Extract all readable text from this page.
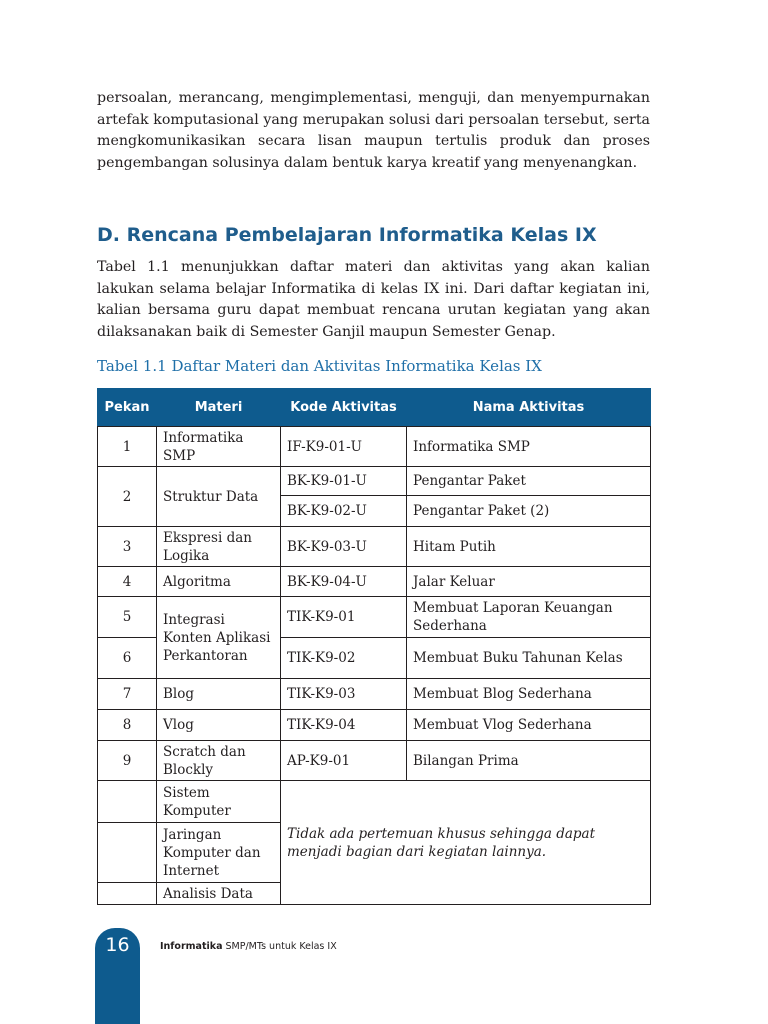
persoalan, merancang, mengimplementasi, menguji, dan menyempurnakan artefak komputasional yang merupakan solusi dari persoalan tersebut, serta mengkomunikasikan secara lisan maupun tertulis produk dan proses pengembangan solusinya dalam bentuk karya kreatif yang menyenangkan.

D. Rencana Pembelajaran Informatika Kelas IX

Tabel 1.1 menunjukkan daftar materi dan aktivitas yang akan kalian lakukan selama belajar Informatika di kelas IX ini. Dari daftar kegiatan ini, kalian bersama guru dapat membuat rencana urutan kegiatan yang akan dilaksanakan baik di Semester Ganjil maupun Semester Genap.

Tabel 1.1 Daftar Materi dan Aktivitas Informatika Kelas IX
Pekan	Materi	Kode Aktivitas	Nama Aktivitas
1	Informatika SMP	IF-K9-01-U	Informatika SMP
2	Struktur Data	BK-K9-01-U	Pengantar Paket
		BK-K9-02-U	Pengantar Paket (2)
3	Ekspresi dan Logika	BK-K9-03-U	Hitam Putih
4	Algoritma	BK-K9-04-U	Jalar Keluar
5	Integrasi Konten Aplikasi Perkantoran	TIK-K9-01	Membuat Laporan Keuangan Sederhana
6		TIK-K9-02	Membuat Buku Tahunan Kelas
7	Blog	TIK-K9-03	Membuat Blog Sederhana
8	Vlog	TIK-K9-04	Membuat Vlog Sederhana
9	Scratch dan Blockly	AP-K9-01	Bilangan Prima
	Sistem Komputer	Tidak ada pertemuan khusus sehingga dapat menjadi bagian dari kegiatan lainnya.	
	Jaringan Komputer dan Internet		
	Analisis Data		
16	Informatika SMP/MTs untuk Kelas IX
